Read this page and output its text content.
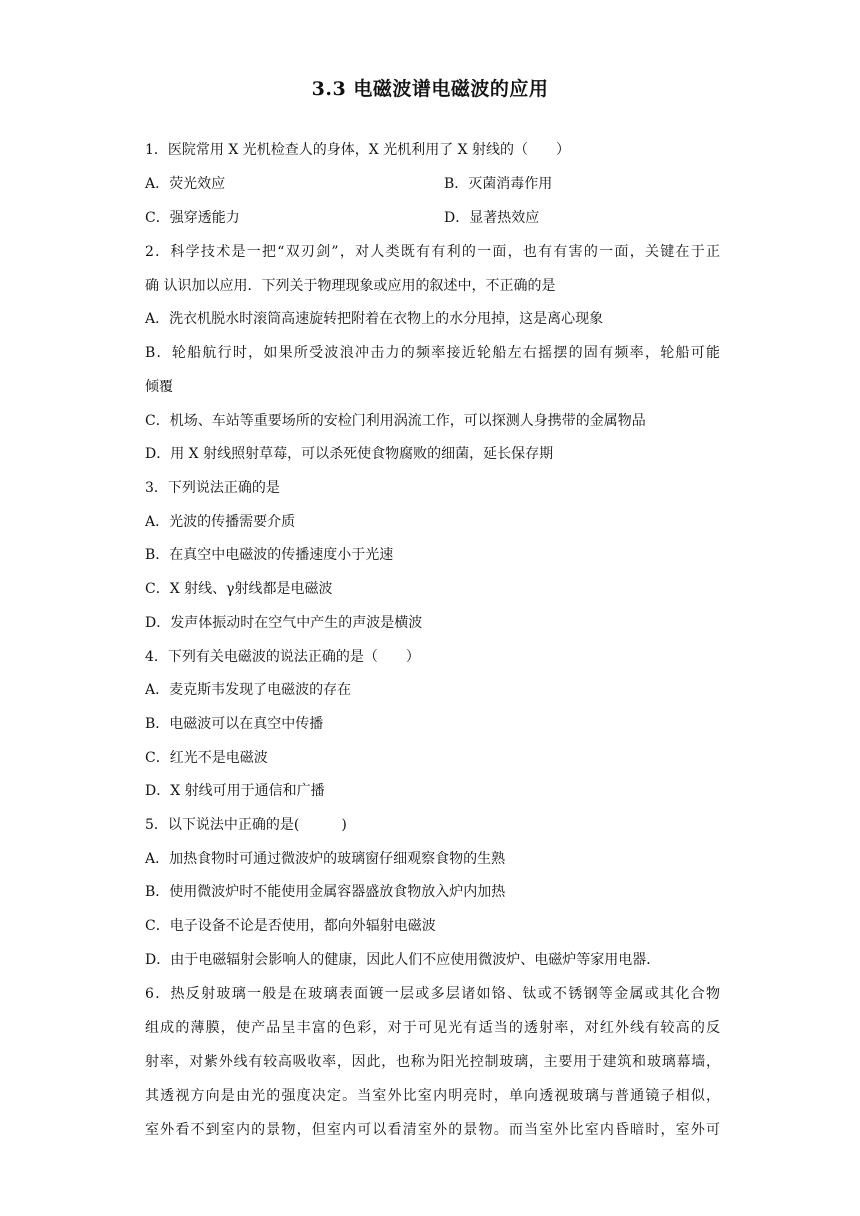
3.3 电磁波谱电磁波的应用
1．医院常用 X 光机检查人的身体，X 光机利用了 X 射线的（　　）
A．荧光效应	B．灭菌消毒作用
C．强穿透能力	D．显著热效应
2．科学技术是一把“双刃剑”，对人类既有有利的一面，也有有害的一面，关键在于正
确 认识加以应用．下列关于物理现象或应用的叙述中，不正确的是
A．洗衣机脱水时滚筒高速旋转把附着在衣物上的水分甩掉，这是离心现象
B．轮船航行时，如果所受波浪冲击力的频率接近轮船左右摇摆的固有频率，轮船可能
倾覆
C．机场、车站等重要场所的安检门利用涡流工作，可以探测人身携带的金属物品
D．用 X 射线照射草莓，可以杀死使食物腐败的细菌，延长保存期
3．下列说法正确的是
A．光波的传播需要介质
B．在真空中电磁波的传播速度小于光速
C．X 射线、γ射线都是电磁波
D．发声体振动时在空气中产生的声波是横波
4．下列有关电磁波的说法正确的是（　　）
A．麦克斯韦发现了电磁波的存在
B．电磁波可以在真空中传播
C．红光不是电磁波
D．X 射线可用于通信和广播
5．以下说法中正确的是(　　　)
A．加热食物时可通过微波炉的玻璃窗仔细观察食物的生熟
B．使用微波炉时不能使用金属容器盛放食物放入炉内加热
C．电子设备不论是否使用，都向外辐射电磁波
D．由于电磁辐射会影响人的健康，因此人们不应使用微波炉、电磁炉等家用电器．
6．热反射玻璃一般是在玻璃表面镀一层或多层诸如铬、钛或不锈钢等金属或其化合物
组成的薄膜，使产品呈丰富的色彩，对于可见光有适当的透射率，对红外线有较高的反
射率，对紫外线有较高吸收率，因此，也称为阳光控制玻璃，主要用于建筑和玻璃幕墙，
其透视方向是由光的强度决定。当室外比室内明亮时，单向透视玻璃与普通镜子相似，
室外看不到室内的景物，但室内可以看清室外的景物。而当室外比室内昏暗时，室外可
